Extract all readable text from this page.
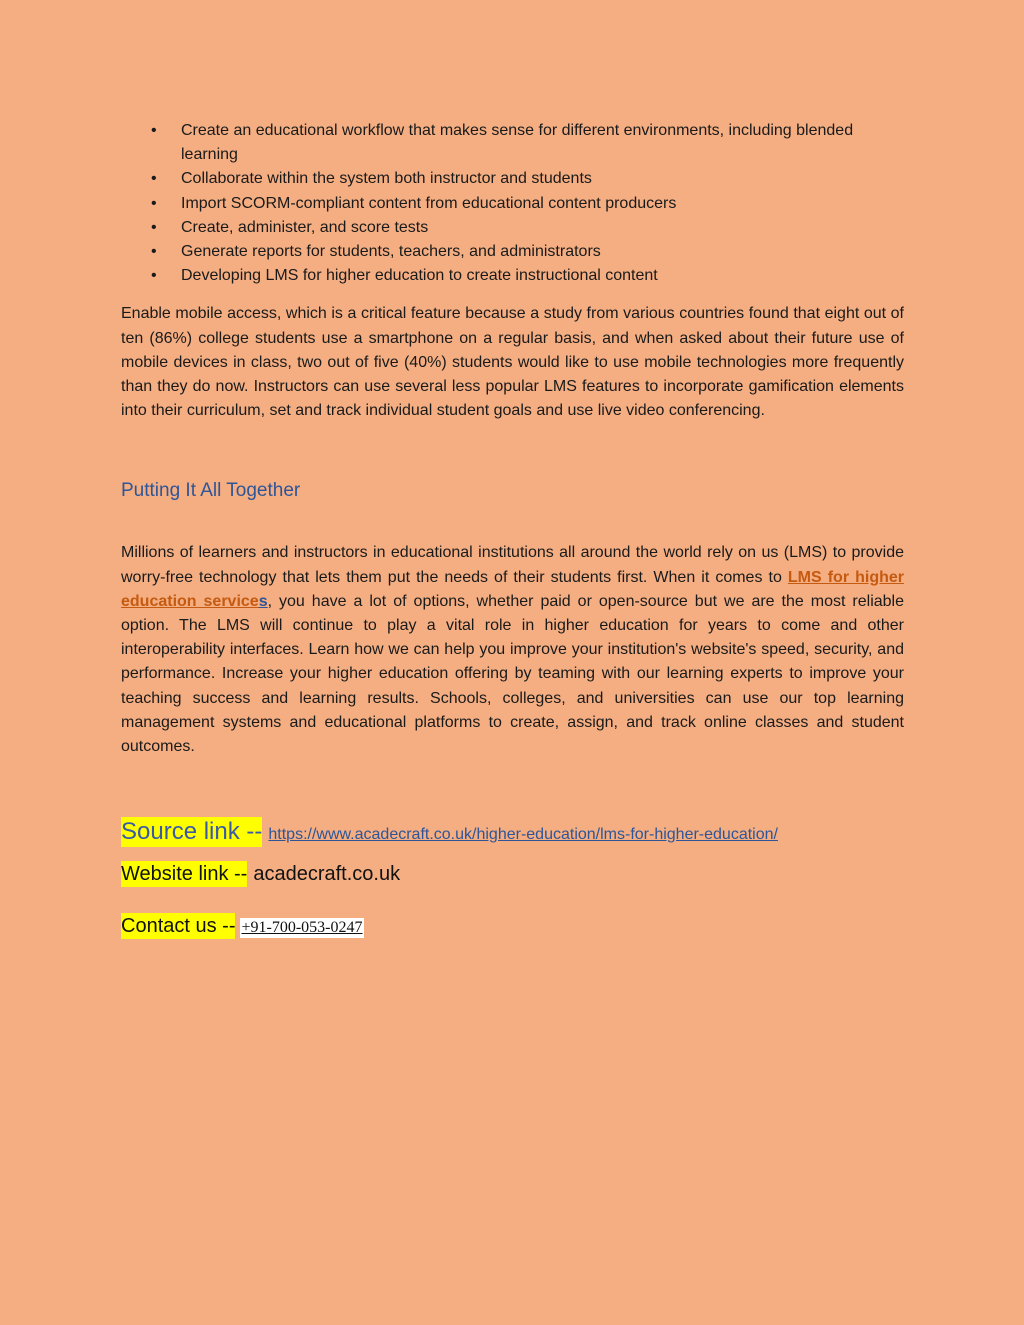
• Create an educational workflow that makes sense for different environments, including blended learning
• Collaborate within the system both instructor and students
• Import SCORM-compliant content from educational content producers
• Create, administer, and score tests
• Generate reports for students, teachers, and administrators
• Developing LMS for higher education to create instructional content

Enable mobile access, which is a critical feature because a study from various countries found that eight out of ten (86%) college students use a smartphone on a regular basis, and when asked about their future use of mobile devices in class, two out of five (40%) students would like to use mobile technologies more frequently than they do now. Instructors can use several less popular LMS features to incorporate gamification elements into their curriculum, set and track individual student goals and use live video conferencing.

Putting It All Together

Millions of learners and instructors in educational institutions all around the world rely on us (LMS) to provide worry-free technology that lets them put the needs of their students first. When it comes to LMS for higher education services, you have a lot of options, whether paid or open-source but we are the most reliable option. The LMS will continue to play a vital role in higher education for years to come and other interoperability interfaces. Learn how we can help you improve your institution's website's speed, security, and performance. Increase your higher education offering by teaming with our learning experts to improve your teaching success and learning results. Schools, colleges, and universities can use our top learning management systems and educational platforms to create, assign, and track online classes and student outcomes.

Source link -- https://www.acadecraft.co.uk/higher-education/lms-for-higher-education/
Website link -- acadecraft.co.uk
Contact us -- +91-700-053-0247
